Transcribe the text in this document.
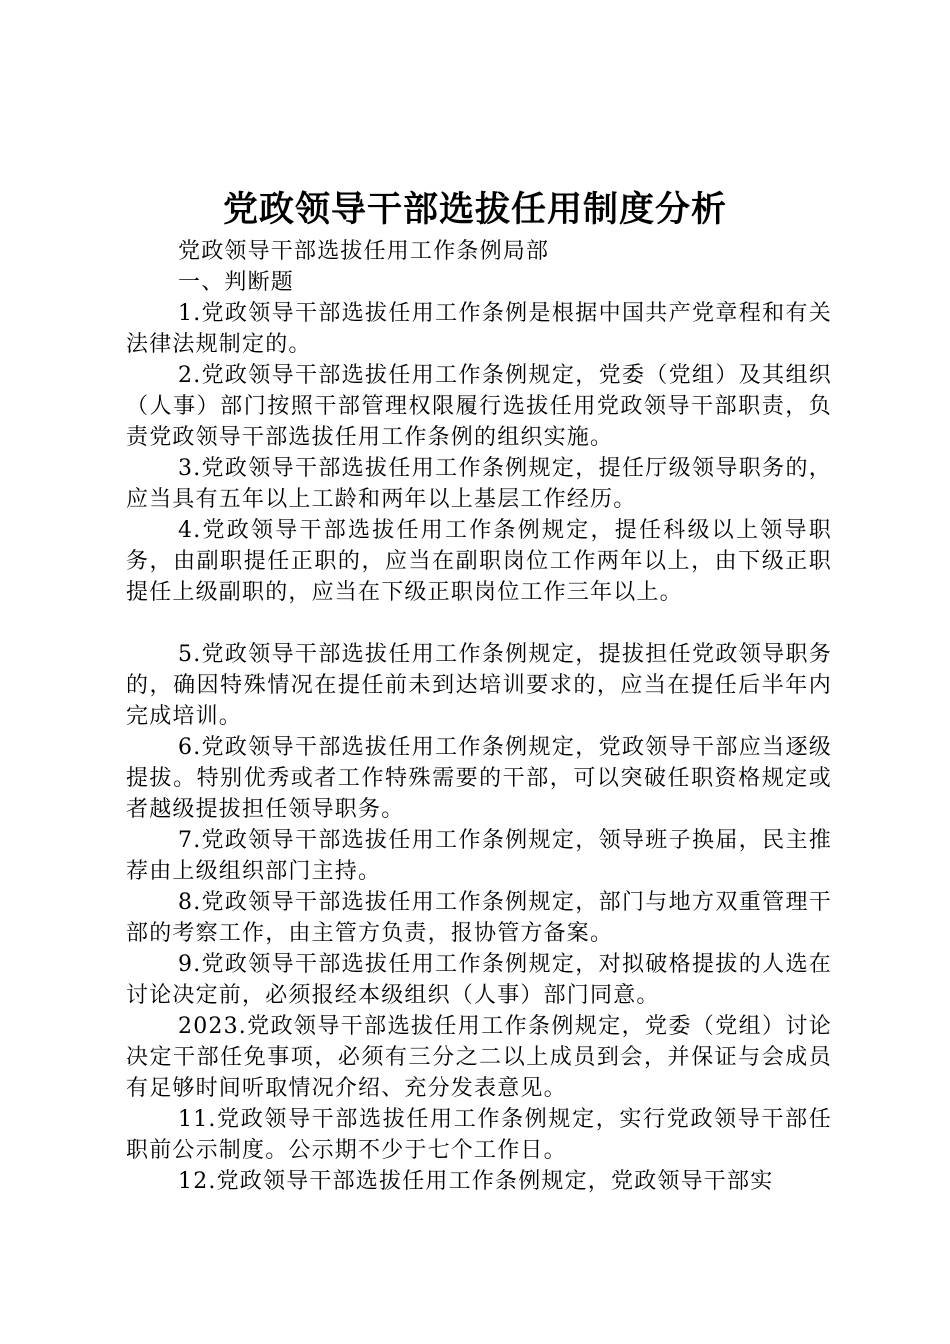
党政领导干部选拔任用制度分析

党政领导干部选拔任用工作条例局部

一、判断题

1.党政领导干部选拔任用工作条例是根据中国共产党章程和有关法律法规制定的。

2.党政领导干部选拔任用工作条例规定，党委（党组）及其组织（人事）部门按照干部管理权限履行选拔任用党政领导干部职责，负责党政领导干部选拔任用工作条例的组织实施。

3.党政领导干部选拔任用工作条例规定，提任厅级领导职务的，应当具有五年以上工龄和两年以上基层工作经历。

4.党政领导干部选拔任用工作条例规定，提任科级以上领导职务，由副职提任正职的，应当在副职岗位工作两年以上，由下级正职提任上级副职的，应当在下级正职岗位工作三年以上。

5.党政领导干部选拔任用工作条例规定，提拔担任党政领导职务的，确因特殊情况在提任前未到达培训要求的，应当在提任后半年内完成培训。

6.党政领导干部选拔任用工作条例规定，党政领导干部应当逐级提拔。特别优秀或者工作特殊需要的干部，可以突破任职资格规定或者越级提拔担任领导职务。

7.党政领导干部选拔任用工作条例规定，领导班子换届，民主推荐由上级组织部门主持。

8.党政领导干部选拔任用工作条例规定，部门与地方双重管理干部的考察工作，由主管方负责，报协管方备案。

9.党政领导干部选拔任用工作条例规定，对拟破格提拔的人选在讨论决定前，必须报经本级组织（人事）部门同意。

2023.党政领导干部选拔任用工作条例规定，党委（党组）讨论决定干部任免事项，必须有三分之二以上成员到会，并保证与会成员有足够时间听取情况介绍、充分发表意见。

11.党政领导干部选拔任用工作条例规定，实行党政领导干部任职前公示制度。公示期不少于七个工作日。

12.党政领导干部选拔任用工作条例规定，党政领导干部实
